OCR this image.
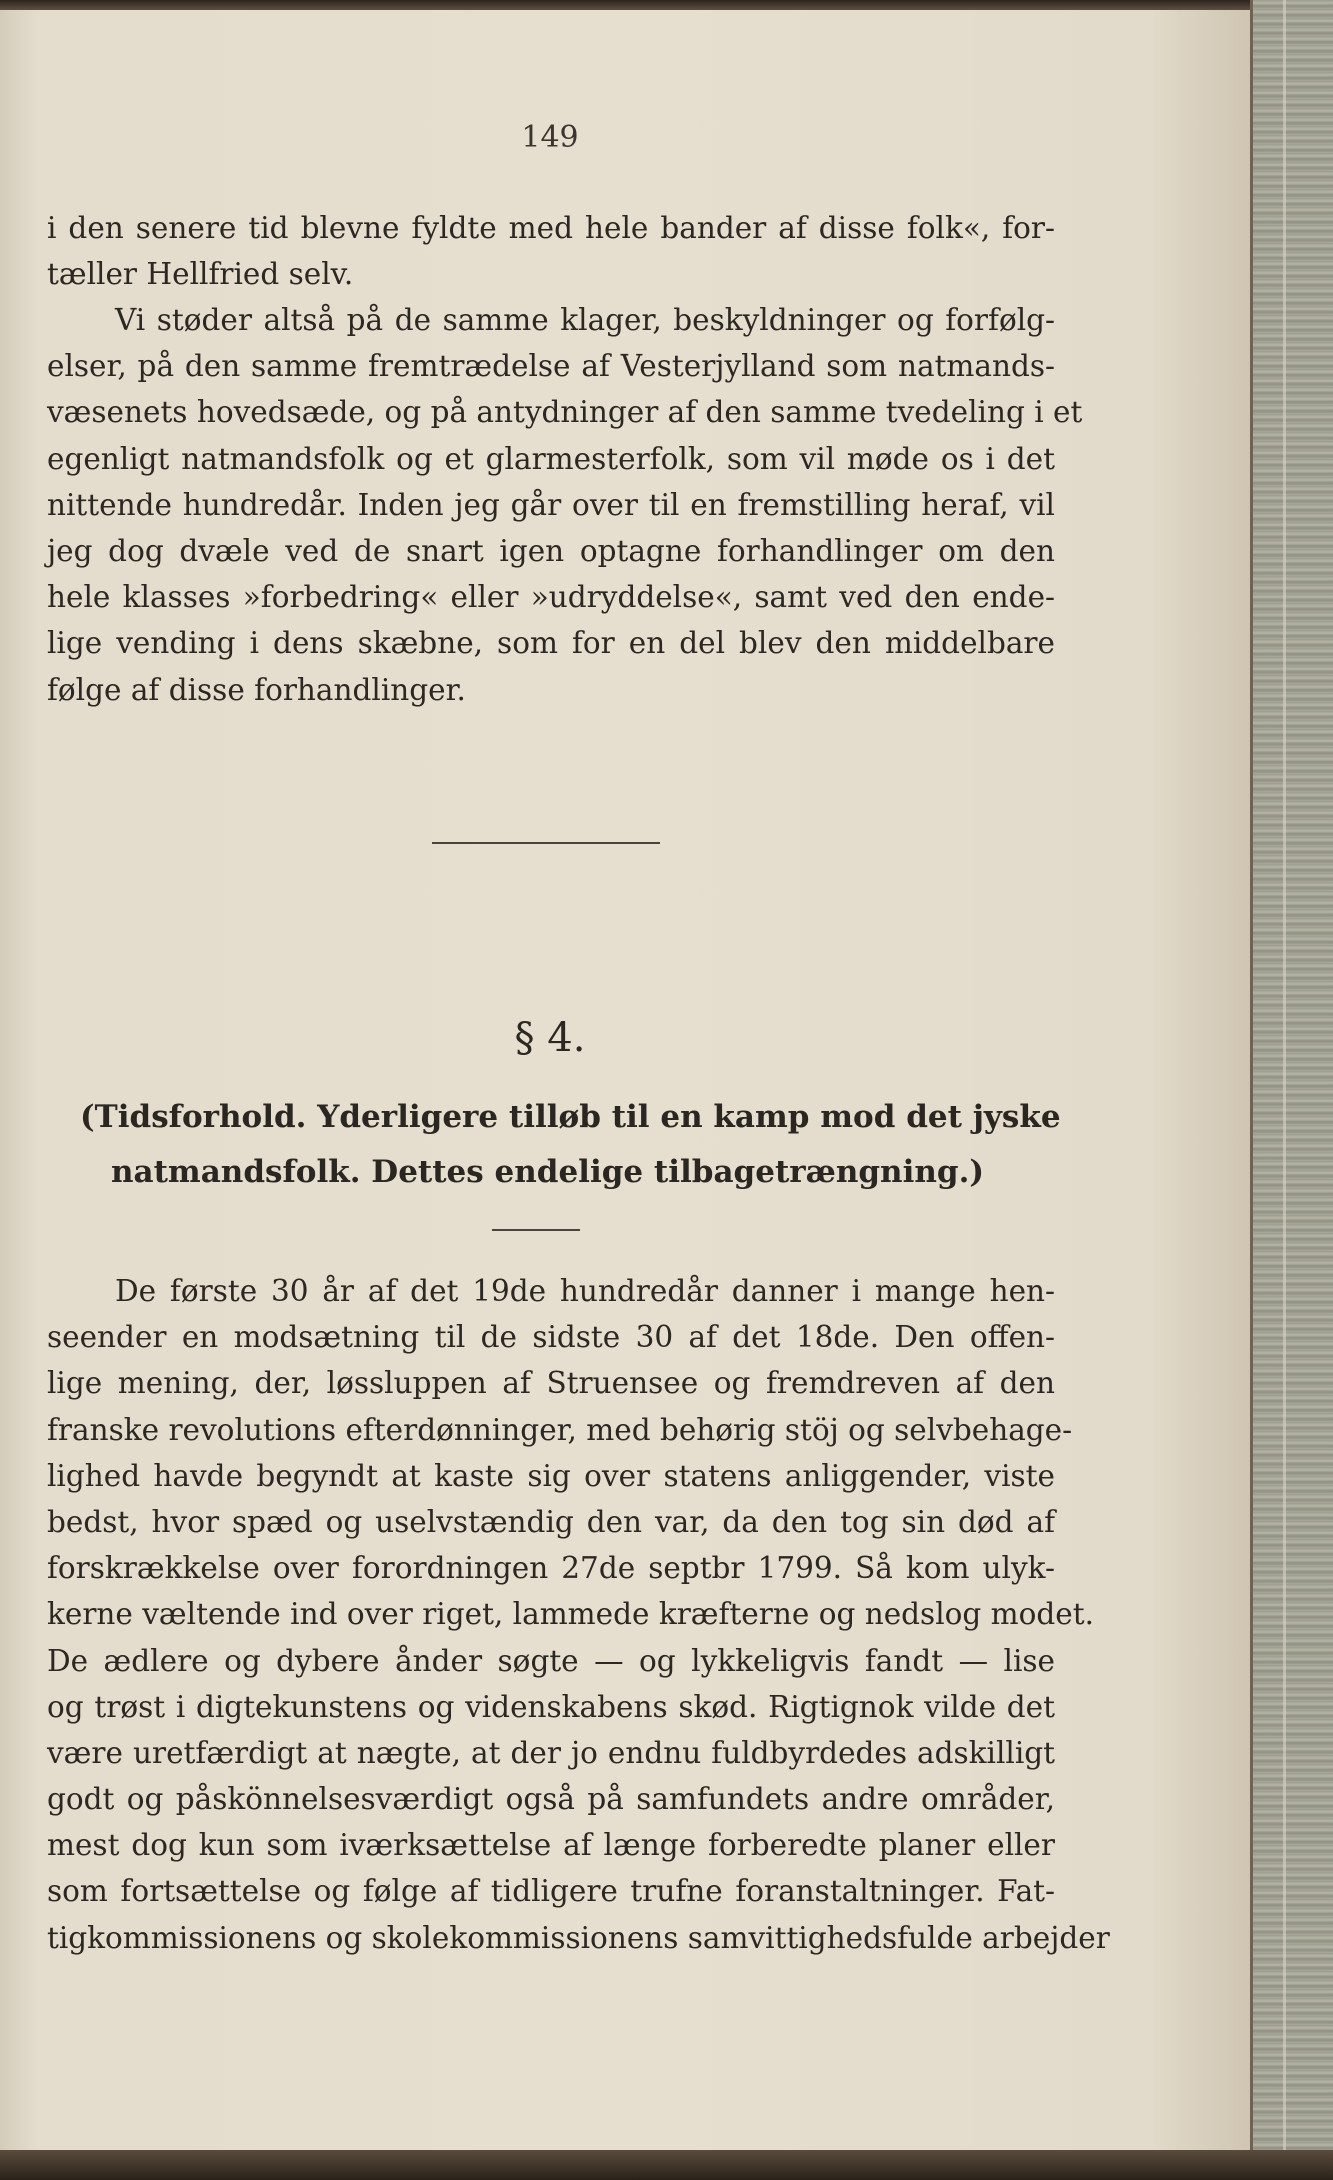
149
i den senere tid blevne fyldte med hele bander af disse folk«, for-
tæller Hellfried selv.
Vi støder altså på de samme klager, beskyldninger og forfølg-
elser, på den samme fremtrædelse af Vesterjylland som natmands-
væsenets hovedsæde, og på antydninger af den samme tvedeling i et
egenligt natmandsfolk og et glarmesterfolk, som vil møde os i det
nittende hundredår. Inden jeg går over til en fremstilling heraf, vil
jeg dog dvæle ved de snart igen optagne forhandlinger om den
hele klasses »forbedring« eller »udryddelse«, samt ved den ende-
lige vending i dens skæbne, som for en del blev den middelbare
følge af disse forhandlinger.
§ 4.
(Tidsforhold. Yderligere tilløb til en kamp mod det jyske
natmandsfolk. Dettes endelige tilbagetrængning.)
De første 30 år af det 19de hundredår danner i mange hen-
seender en modsætning til de sidste 30 af det 18de. Den offen-
lige mening, der, løssluppen af Struensee og fremdreven af den
franske revolutions efterdønninger, med behørig stöj og selvbehage-
lighed havde begyndt at kaste sig over statens anliggender, viste
bedst, hvor spæd og uselvstændig den var, da den tog sin død af
forskrækkelse over forordningen 27de septbr 1799. Så kom ulyk-
kerne væltende ind over riget, lammede kræfterne og nedslog modet.
De ædlere og dybere ånder søgte — og lykkeligvis fandt — lise
og trøst i digtekunstens og videnskabens skød. Rigtignok vilde det
være uretfærdigt at nægte, at der jo endnu fuldbyrdedes adskilligt
godt og påskönnelsesværdigt også på samfundets andre områder,
mest dog kun som iværksættelse af længe forberedte planer eller
som fortsættelse og følge af tidligere trufne foranstaltninger. Fat-
tigkommissionens og skolekommissionens samvittighedsfulde arbejder
